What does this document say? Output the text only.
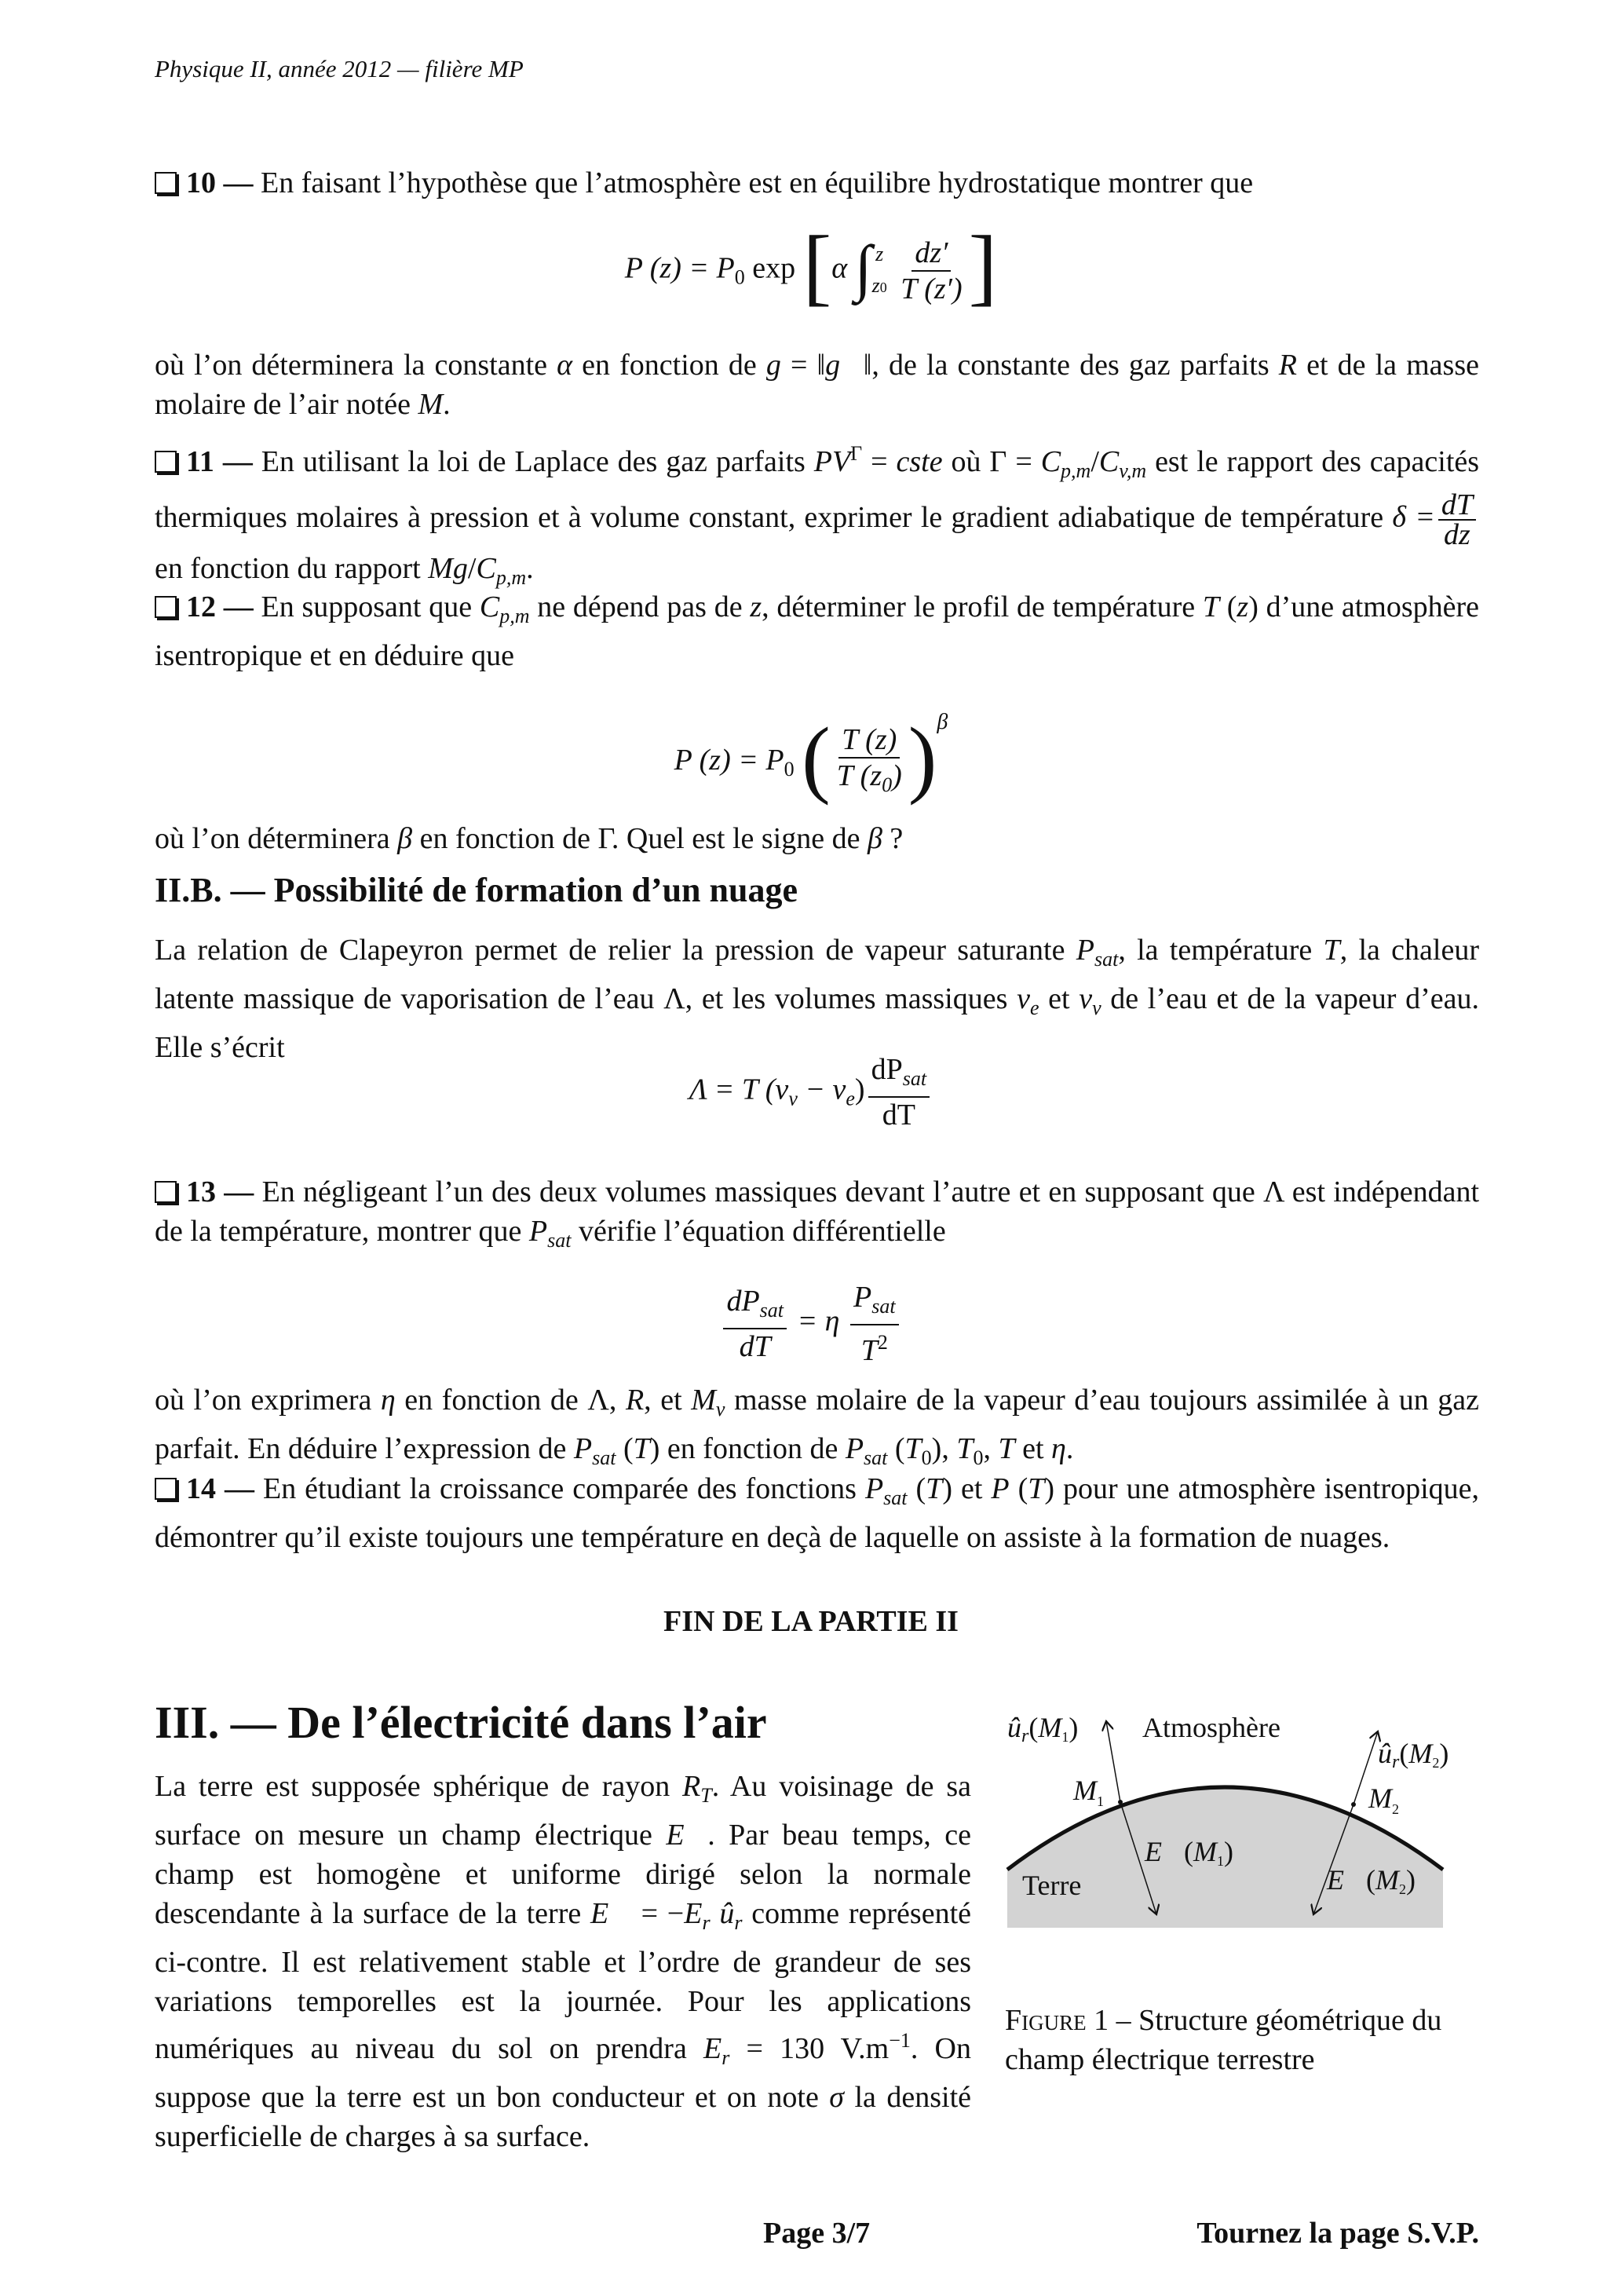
Physique II, année 2012 — filière MP
10 — En faisant l’hypothèse que l’atmosphère est en équilibre hydrostatique montrer que
P $(z) = P_0$ exp [α ∫ z
z0
$\frac{dz'}{T (z')}$ ]
où l’on déterminera la constante α en fonction de g = ‖g⃗‖, de la constante des gaz parfaits R et de la masse molaire de l’air notée M.
11 — En utilisant la loi de Laplace des gaz parfaits $PV^\Gamma$ = cste où $\Gamma = C_{p,m}/C_{v,m}$ est le rapport des capacités thermiques molaires à pression et à volume constant, exprimer le gradient adiabatique de température $\delta = \frac{dT}{dz}$
en fonction du rapport $Mg/C_{p,m}$.
12 — En supposant que $C_{p,m}$ ne dépend pas de z, déterminer le profil de température T (z) d’une atmosphère isentropique et en déduire que
P $(z) = P_0$ ( $\frac{T (z)}{T (z_0)} )^\beta$
où l’on déterminera β en fonction de Γ. Quel est le signe de β ?
II.B. — Possibilité de formation d’un nuage
La relation de Clapeyron permet de relier la pression de vapeur saturante $P_{sat}$, la température T, la chaleur latente massique de vaporisation de l’eau Λ, et les volumes massiques $v_e$ et $v_v$ de l’eau et de la vapeur d’eau. Elle s’écrit
Λ = T $(v_v - v_e) \frac{dP_{sat}}{dT}$
13 — En négligeant l’un des deux volumes massiques devant l’autre et en supposant que Λ est indépendant de la température, montrer que $P_{sat}$ vérifie l’équation différentielle
$\frac{dP_{sat}}{dT} = \eta \frac{P_{sat}}{T^2}$
où l’on exprimera η en fonction de Λ, R, et $M_v$ masse molaire de la vapeur d’eau toujours assimilée à un gaz parfait. En déduire l’expression de $P_{sat}$ (T) en fonction de $P_{sat}$ $(T_0)$, $T_0$, T et η.
14 — En étudiant la croissance comparée des fonctions $P_{sat}$ (T) et P (T) pour une atmosphère isentropique, démontrer qu’il existe toujours une température en deçà de laquelle on assiste à la formation de nuages.
FIN DE LA PARTIE II
III. — De l’électricité dans l’air
La terre est supposée sphérique de rayon $R_T$. Au voisinage de sa surface on mesure un champ électrique E⃗. Par beau temps, ce champ est homogène et uniforme dirigé selon la normale descendante à la surface de la terre E⃗ = $-E_r$ $û_r$ comme représenté ci-contre. Il est relativement stable et l’ordre de grandeur de ses variations temporelles est la journée. Pour les applications numériques au niveau du sol on prendra $E_r = 130$ $V.m^{-1}$. On suppose que la terre est un bon conducteur et on note σ la densité superficielle de charges à sa surface.
ûr(M1) Atmosphère
ûr(M2)
$M_1$	$M_2$
E⃗(M1)
Terre	E⃗(M2)
Figure 1 – Structure géométrique du champ électrique terrestre
Page 3/7	Tournez la page S.V.P.
